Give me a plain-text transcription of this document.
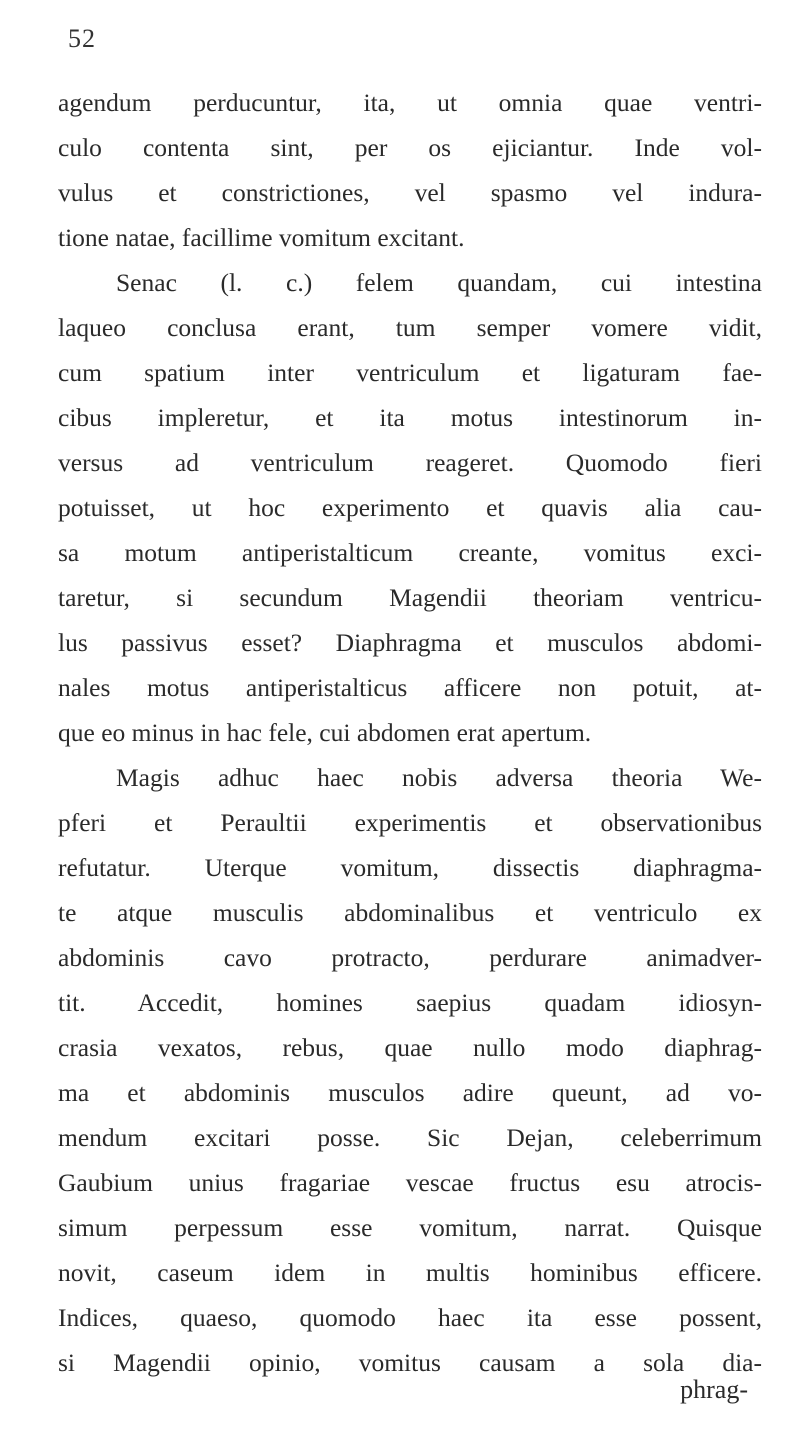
52
agendum perducuntur, ita, ut omnia quae ventri-
culo contenta sint, per os ejiciantur. Inde vol-
vulus et constrictiones, vel spasmo vel indura-
tione natae, facillime vomitum excitant.
Senac (l. c.) felem quandam, cui intestina
laqueo conclusa erant, tum semper vomere vidit,
cum spatium inter ventriculum et ligaturam fae-
cibus impleretur, et ita motus intestinorum in-
versus ad ventriculum reageret. Quomodo fieri
potuisset, ut hoc experimento et quavis alia cau-
sa motum antiperistalticum creante, vomitus exci-
taretur, si secundum Magendii theoriam ventricu-
lus passivus esset? Diaphragma et musculos abdomi-
nales motus antiperistalticus afficere non potuit, at-
que eo minus in hac fele, cui abdomen erat apertum.
Magis adhuc haec nobis adversa theoria We-
pferi et Peraultii experimentis et observationibus
refutatur. Uterque vomitum, dissectis diaphragma-
te atque musculis abdominalibus et ventriculo ex
abdominis cavo protracto, perdurare animadver-
tit. Accedit, homines saepius quadam idiosyn-
crasia vexatos, rebus, quae nullo modo diaphrag-
ma et abdominis musculos adire queunt, ad vo-
mendum excitari posse. Sic Dejan, celeberrimum
Gaubium unius fragariae vescae fructus esu atrocis-
simum perpessum esse vomitum, narrat. Quisque
novit, caseum idem in multis hominibus efficere.
Indices, quaeso, quomodo haec ita esse possent,
si Magendii opinio, vomitus causam a sola dia-
phrag-
